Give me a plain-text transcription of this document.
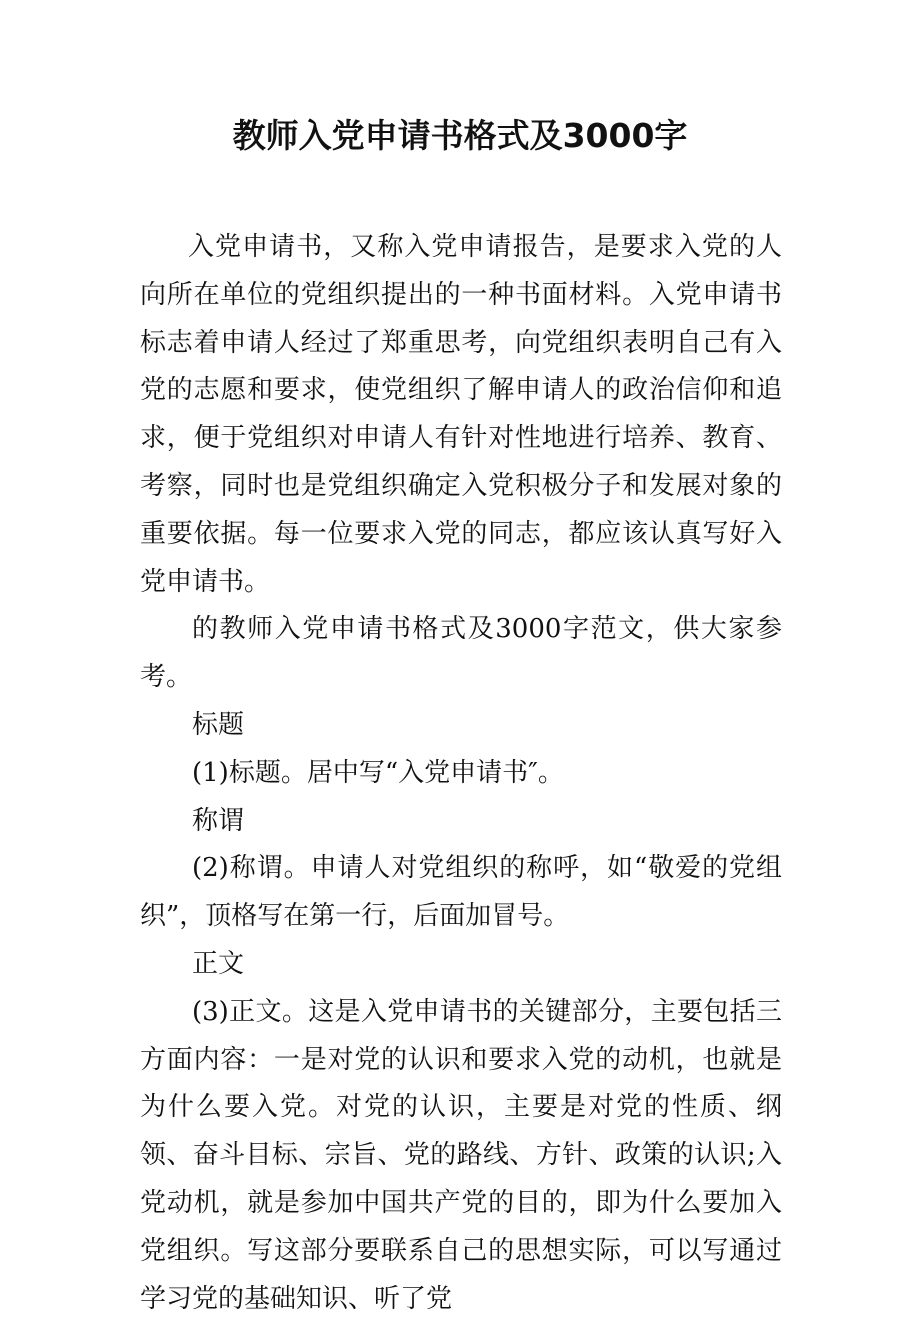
教师入党申请书格式及3000字

入党申请书，又称入党申请报告，是要求入党的人向所在单位的党组织提出的一种书面材料。入党申请书标志着申请人经过了郑重思考，向党组织表明自己有入党的志愿和要求，使党组织了解申请人的政治信仰和追求，便于党组织对申请人有针对性地进行培养、教育、考察，同时也是党组织确定入党积极分子和发展对象的重要依据。每一位要求入党的同志，都应该认真写好入党申请书。

的教师入党申请书格式及3000字范文，供大家参考。

标题

(1)标题。居中写“入党申请书″。

称谓

(2)称谓。申请人对党组织的称呼，如“敬爱的党组织”，顶格写在第一行，后面加冒号。

正文

(3)正文。这是入党申请书的关键部分，主要包括三方面内容：一是对党的认识和要求入党的动机，也就是为什么要入党。对党的认识，主要是对党的性质、纲领、奋斗目标、宗旨、党的路线、方针、政策的认识;入党动机，就是参加中国共产党的目的，即为什么要加入党组织。写这部分要联系自己的思想实际，可以写通过学习党的基础知识、听了党
